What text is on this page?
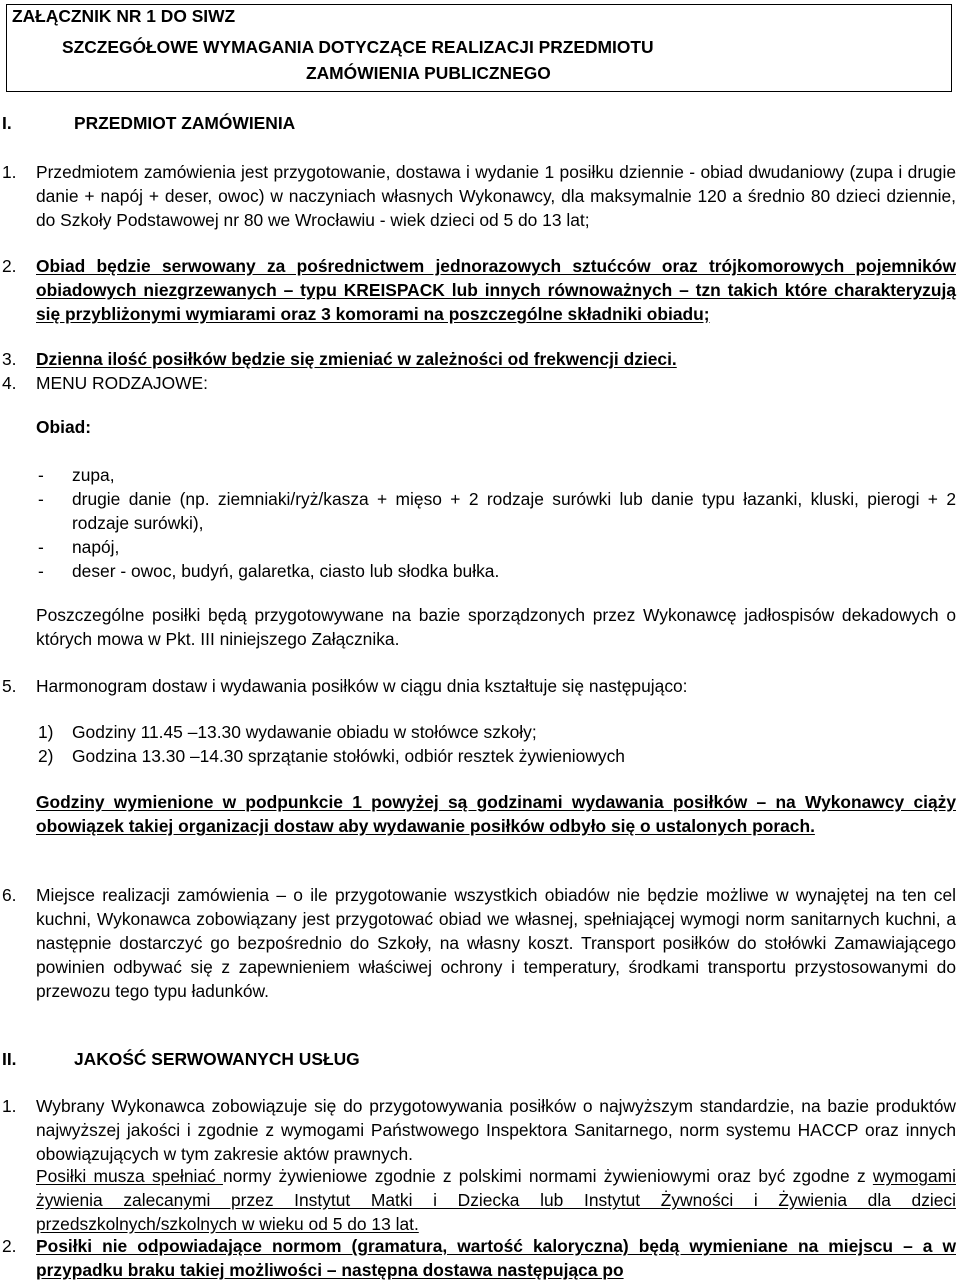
ZAŁĄCZNIK NR 1 DO SIWZ
SZCZEGÓŁOWE WYMAGANIA DOTYCZĄCE REALIZACJI PRZEDMIOTU
ZAMÓWIENIA PUBLICZNEGO
I.	PRZEDMIOT ZAMÓWIENIA
1. Przedmiotem zamówienia jest przygotowanie, dostawa i wydanie 1 posiłku dziennie - obiad dwudaniowy (zupa i drugie danie + napój + deser, owoc) w naczyniach własnych Wykonawcy, dla maksymalnie 120 a średnio 80 dzieci dziennie, do Szkoły Podstawowej nr 80 we Wrocławiu - wiek dzieci od 5 do 13 lat;
2. Obiad będzie serwowany za pośrednictwem jednorazowych sztućców oraz trójkomorowych pojemników obiadowych niezgrzewanych – typu KREISPACK lub innych równoważnych – tzn takich które charakteryzują się przybliżonymi wymiarami oraz 3 komorami na poszczególne składniki obiadu;
3. Dzienna ilość posiłków będzie się zmieniać w zależności od frekwencji dzieci.
4. MENU RODZAJOWE:
Obiad:
- zupa,
- drugie danie (np. ziemniaki/ryż/kasza + mięso + 2 rodzaje surówki lub danie typu łazanki, kluski, pierogi + 2 rodzaje surówki),
- napój,
- deser - owoc, budyń, galaretka, ciasto lub słodka bułka.
Poszczególne posiłki będą przygotowywane na bazie sporządzonych przez Wykonawcę jadłospisów dekadowych o których mowa w Pkt. III niniejszego Załącznika.
5. Harmonogram dostaw i wydawania posiłków w ciągu dnia kształtuje się następująco:
1) Godziny 11.45 –13.30 wydawanie obiadu w stołówce szkoły;
2) Godzina 13.30 –14.30 sprzątanie stołówki, odbiór resztek żywieniowych
Godziny wymienione w podpunkcie 1 powyżej są godzinami wydawania posiłków – na Wykonawcy ciąży obowiązek takiej organizacji dostaw aby wydawanie posiłków odbyło się o ustalonych porach.
6. Miejsce realizacji zamówienia – o ile przygotowanie wszystkich obiadów nie będzie możliwe w wynajętej na ten cel kuchni, Wykonawca zobowiązany jest przygotować obiad we własnej, spełniającej wymogi norm sanitarnych kuchni, a następnie dostarczyć go bezpośrednio do Szkoły, na własny koszt. Transport posiłków do stołówki Zamawiającego powinien odbywać się z zapewnieniem właściwej ochrony i temperatury, środkami transportu przystosowanymi do przewozu tego typu ładunków.
II.	JAKOŚĆ SERWOWANYCH USŁUG
1. Wybrany Wykonawca zobowiązuje się do przygotowywania posiłków o najwyższym standardzie, na bazie produktów najwyższej jakości i zgodnie z wymogami Państwowego Inspektora Sanitarnego, norm systemu HACCP oraz innych obowiązujących w tym zakresie aktów prawnych.
Posiłki musza spełniać normy żywieniowe zgodnie z polskimi normami żywieniowymi oraz być zgodne z wymogami żywienia zalecanymi przez Instytut Matki i Dziecka lub Instytut Żywności i Żywienia dla dzieci przedszkolnych/szkolnych w wieku od 5 do 13 lat.
2. Posiłki nie odpowiadające normom (gramatura, wartość kaloryczna) będą wymieniane na miejscu – a w przypadku braku takiej możliwości – następna dostawa następująca po
